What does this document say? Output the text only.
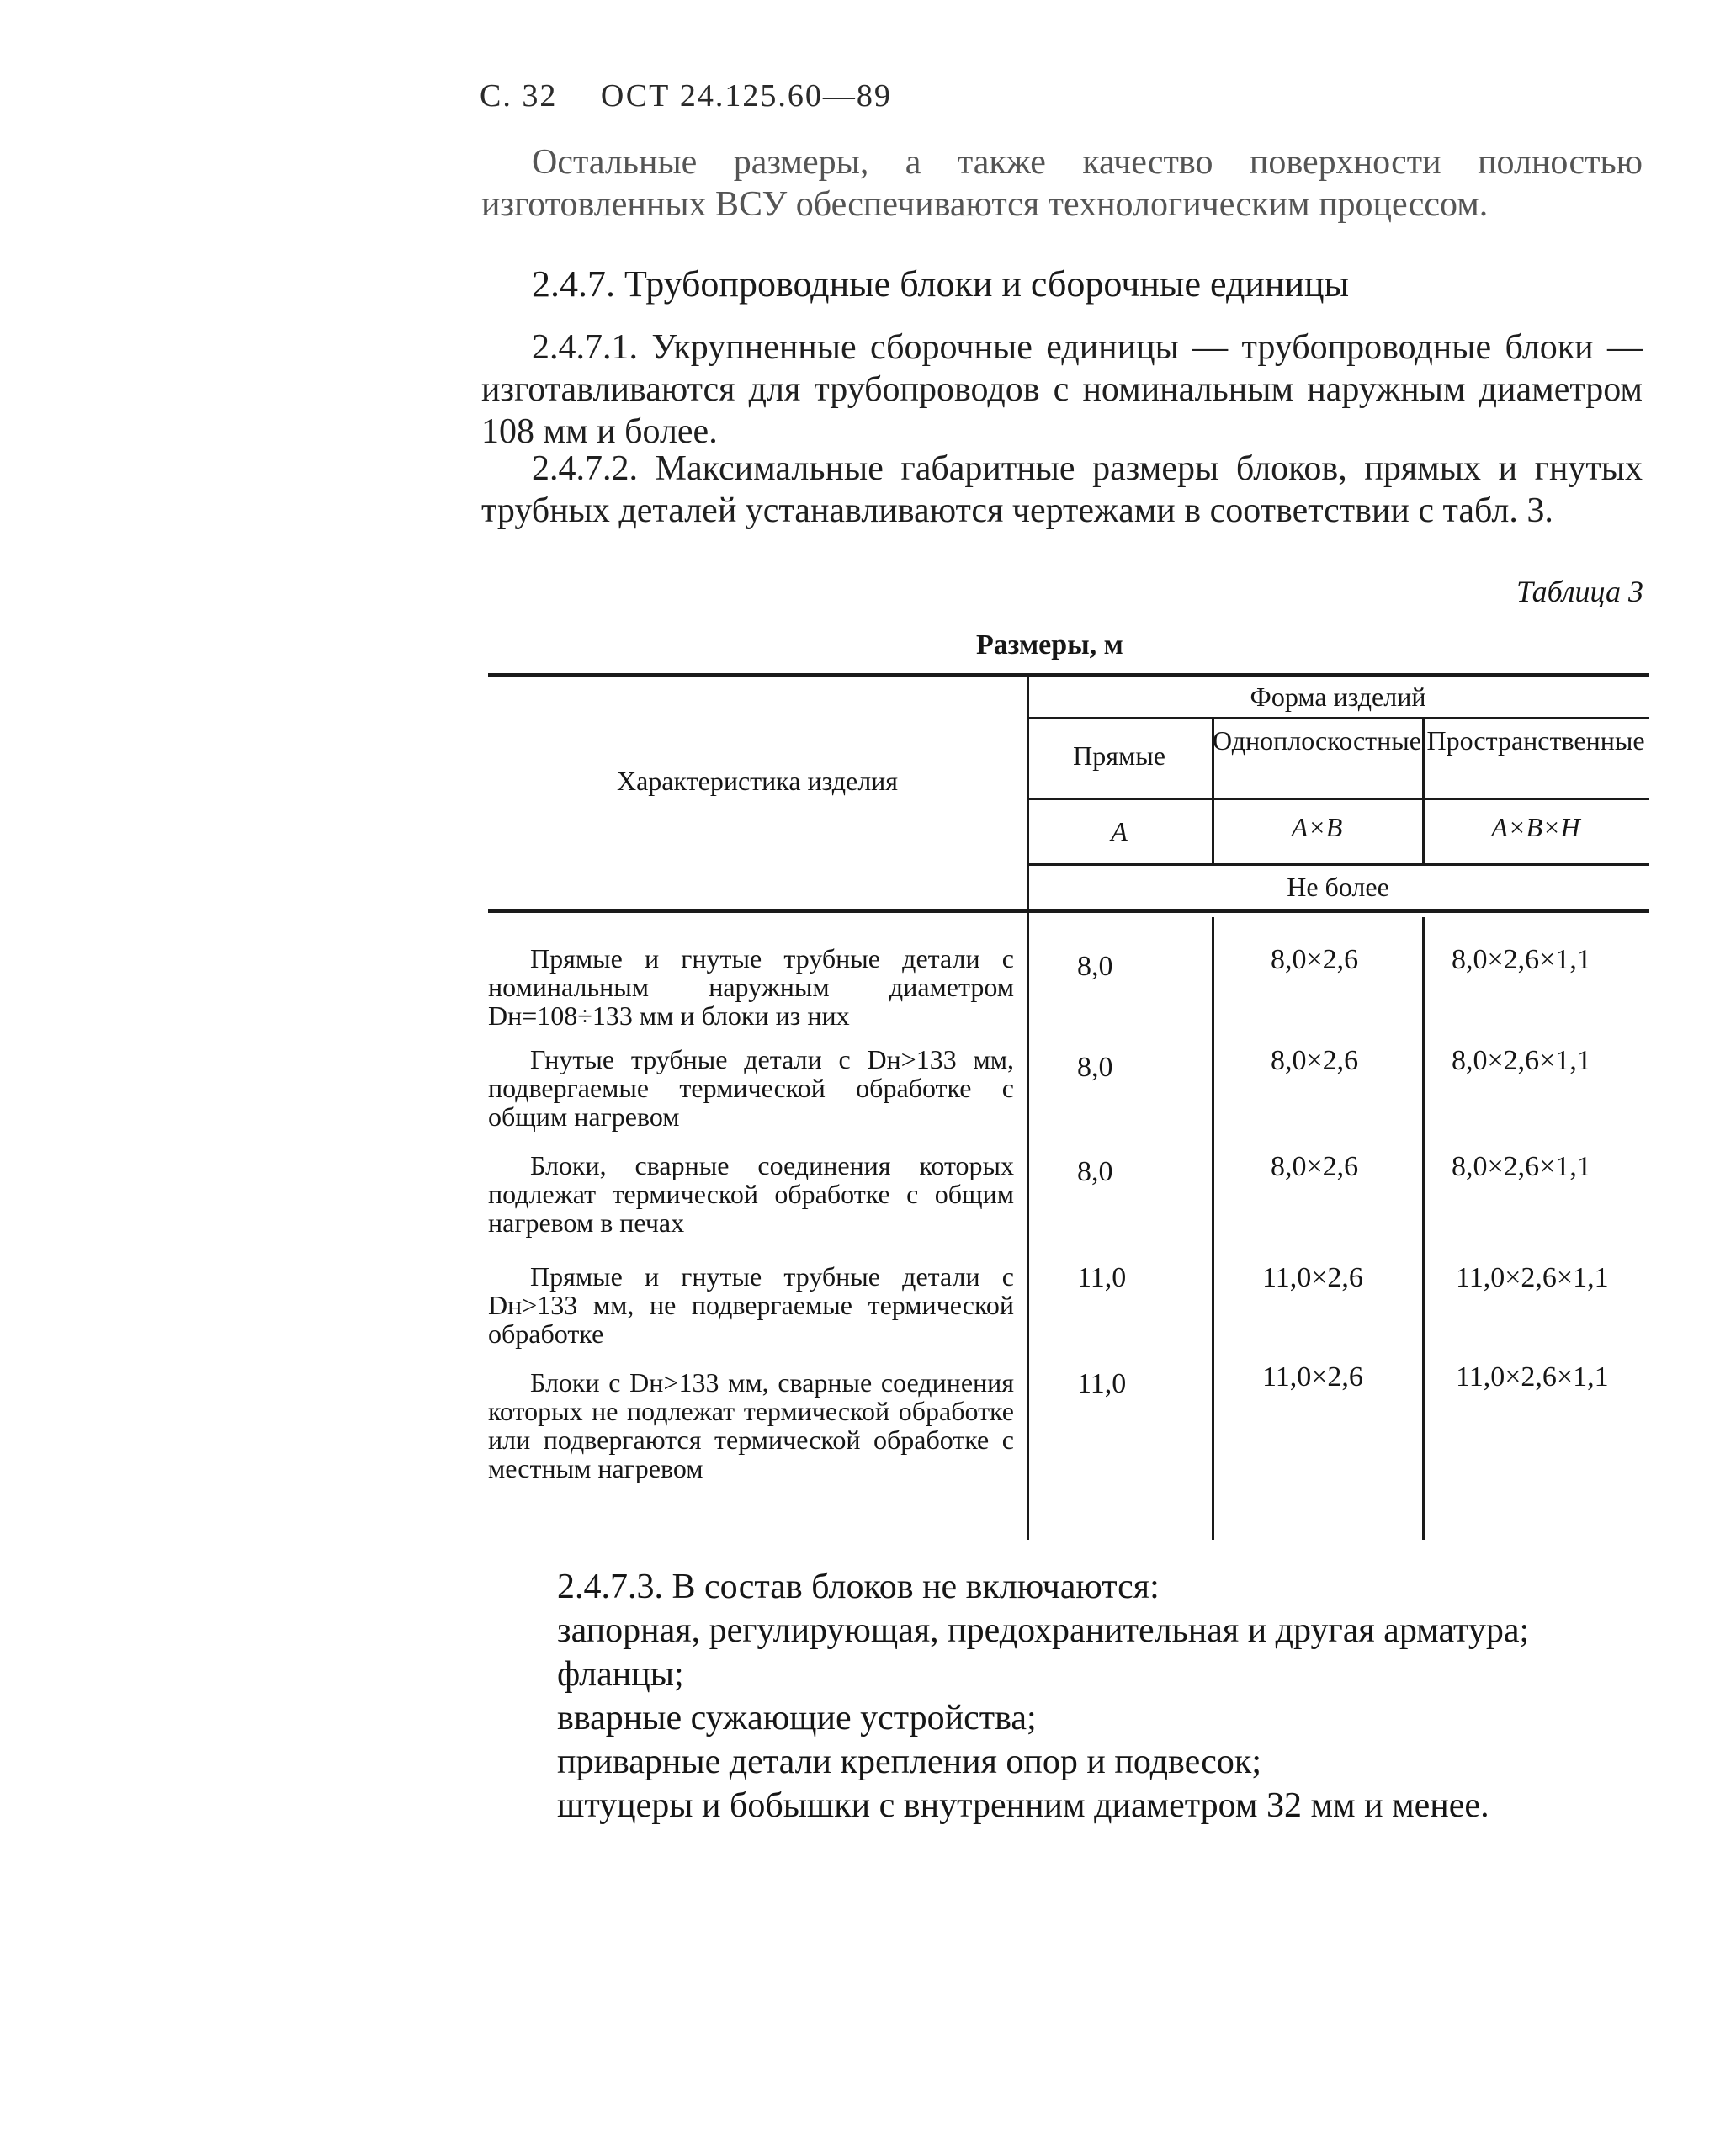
С. 32 ОСТ 24.125.60—89
Остальные размеры, а также качество поверхности полностью изготовленных ВСУ обеспечиваются технологическим процессом.
2.4.7. Трубопроводные блоки и сборочные единицы
2.4.7.1. Укрупненные сборочные единицы — трубопроводные блоки — изготавливаются для трубопроводов с номинальным наружным диаметром 108 мм и более.
2.4.7.2. Максимальные габаритные размеры блоков, прямых и гнутых трубных деталей устанавливаются чертежами в соответствии с табл. 3.
Таблица 3
Размеры, м
Характеристика изделия
Форма изделий
Прямые	Одноплоскостные Пространственные
A	A×B	A×B×H
Не более
Прямые и гнутые трубные детали с номинальным наружным диаметром Dн=108÷133 мм и блоки из них
8,0	8,0×2,6	8,0×2,6×1,1
Гнутые трубные детали с Dн>133 мм, подвергаемые термической обработке с общим нагревом
8,0	8,0×2,6	8,0×2,6×1,1
Блоки, сварные соединения которых подлежат термической обработке с общим нагревом в печах
8,0	8,0×2,6	8,0×2,6×1,1
Прямые и гнутые трубные детали с Dн>133 мм, не подвергаемые термической обработке
11,0	11,0×2,6	11,0×2,6×1,1
Блоки с Dн>133 мм, сварные соединения которых не подлежат термической обработке или подвергаются термической обработке с местным нагревом
11,0	11,0×2,6	11,0×2,6×1,1
2.4.7.3. В состав блоков не включаются:
запорная, регулирующая, предохранительная и другая арматура;
фланцы;
вварные сужающие устройства;
приварные детали крепления опор и подвесок;
штуцеры и бобышки с внутренним диаметром 32 мм и менее.
